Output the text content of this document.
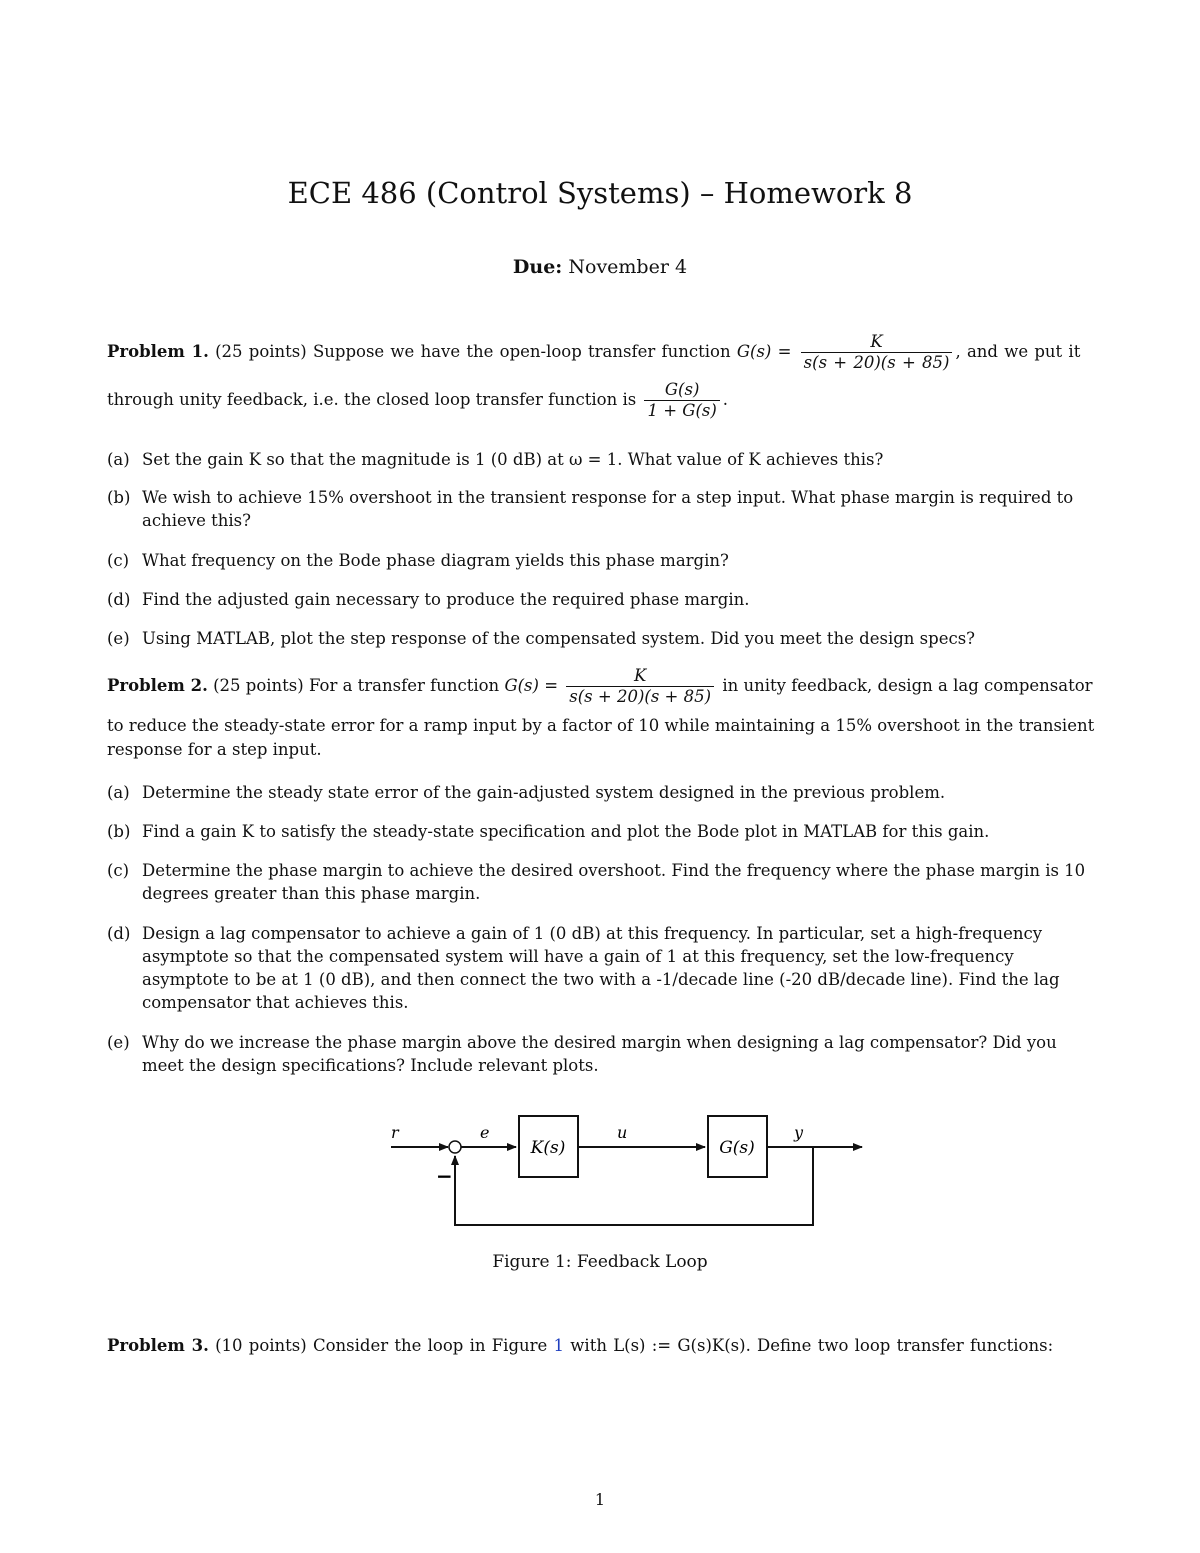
ECE 486 (Control Systems) – Homework 8
Due: November 4
Problem 1. (25 points) Suppose we have the open-loop transfer function $G(s) = \frac{K}{s(s + 20)(s + 85)}$ , and we put it
through unity feedback, i.e. the closed loop transfer function is $\frac{G(s)}{1 + G(s)}$ .
(a) Set the gain K so that the magnitude is 1 (0 dB) at ω = 1. What value of K achieves this?
(b) We wish to achieve 15% overshoot in the transient response for a step input. What phase margin is required to achieve this?
(c) What frequency on the Bode phase diagram yields this phase margin?
(d) Find the adjusted gain necessary to produce the required phase margin.
(e) Using MATLAB, plot the step response of the compensated system. Did you meet the design specs?
Problem 2. (25 points) For a transfer function $G(s) = \frac{K}{s(s + 20)(s + 85)}$ in unity feedback, design a lag compensator
to reduce the steady-state error for a ramp input by a factor of 10 while maintaining a 15% overshoot in the transient response for a step input.
(a) Determine the steady state error of the gain-adjusted system designed in the previous problem.
(b) Find a gain K to satisfy the steady-state specification and plot the Bode plot in MATLAB for this gain.
(c) Determine the phase margin to achieve the desired overshoot. Find the frequency where the phase margin is 10 degrees greater than this phase margin.
(d) Design a lag compensator to achieve a gain of 1 (0 dB) at this frequency. In particular, set a high-frequency asymptote so that the compensated system will have a gain of 1 at this frequency, set the low-frequency asymptote to be at 1 (0 dB), and then connect the two with a -1/decade line (-20 dB/decade line). Find the lag compensator that achieves this.
(e) Why do we increase the phase margin above the desired margin when designing a lag compensator? Did you meet the design specifications? Include relevant plots.
r	e	u	y
−
K(s)	G(s)
Figure 1: Feedback Loop
Problem 3. (10 points) Consider the loop in Figure 1 with L(s) := G(s)K(s). Define two loop transfer functions:
1
